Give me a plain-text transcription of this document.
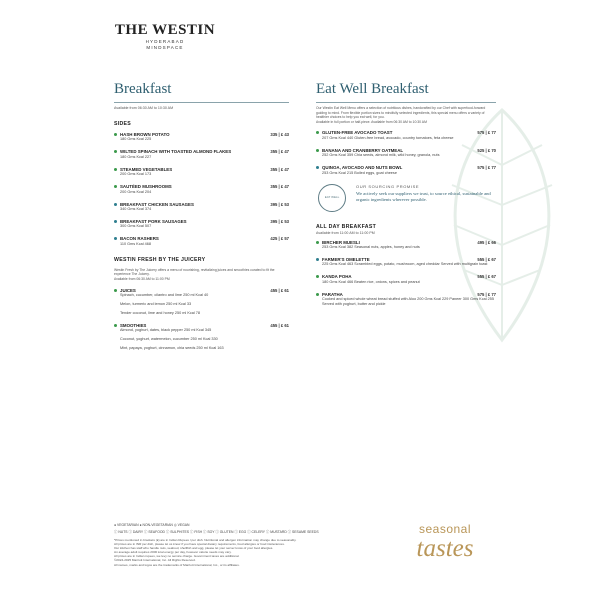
THE WESTIN
HYDERABAD
MINDSPACE
Breakfast
Available from 06:30 AM to 10:30 AM
SIDES
HASH BROWN POTATO	335 | £ 43
180 Gms Kcal 225
WILTED SPINACH WITH TOASTED ALMOND FLAKES	355 | £ 47
180 Gms Kcal 227
STEAMED VEGETABLES	355 | £ 47
200 Gms Kcal 173
SAUTÉED MUSHROOMS	355 | £ 47
200 Gms Kcal 204
BREAKFAST CHICKEN SAUSAGES	395 | £ 53
340 Gms Kcal 374
BREAKFAST PORK SAUSAGES	395 | £ 53
300 Gms Kcal 507
BACON RASHERS	425 | £ 57
110 Gms Kcal 468
WESTIN FRESH BY THE JUICERY
Westin Fresh by The Juicery offers a menu of nourishing, revitalizing juices and smoothies curated to fit the experience The Juicery.
Available from 06:30 AM to 11:00 PM
JUICES	455 | £ 61
Spinach, cucumber, cilantro and lime 250 ml Kcal 40
Melon, turmeric and lemon 250 ml Kcal 33
Tender coconut, lime and honey 250 ml Kcal 78
SMOOTHIES	455 | £ 61
Almond, yoghurt, dates, black pepper 250 ml Kcal 345
Coconut, yoghurt, watermelon, cucumber 250 ml Kcal 330
Mint, papaya, yoghurt, cinnamon, chia seeds 250 ml Kcal 163
Eat Well Breakfast
Our Westin Eat Well Menu offers a selection of nutritious dishes, handcrafted by our Chef with superfood-forward guiding to mind. From flexible portion sizes to mindfully selected ingredients, this special menu offers a variety of healthier choices to help you eat well, for you.
Available in full portion or half-piece. Available from 06:30 AM to 10:30 AM
GLUTEN-FREE AVOCADO TOAST	575 | £ 77
207 Gms Kcal 440 Gluten-free bread, avocado, country tomatoes, feta cheese
BANANA AND CRANBERRY OATMEAL	525 | £ 70
252 Gms Kcal 359 Chia seeds, almond milk, wild honey, granola, nuts
QUINOA, AVOCADO AND NUTS BOWL	575 | £ 77
253 Gms Kcal 215 Boiled eggs, goat cheese
EAT WELL
OUR SOURCING PROMISE
We actively seek our suppliers we trust, to source ethical, sustainable and organic ingredients wherever possible.
ALL DAY BREAKFAST
Available from 11:00 AM to 11:00 PM
BIRCHER MUESLI	495 | £ 66
253 Gms Kcal 382 Seasonal nuts, apples, honey and nuts
FARMER'S OMELETTE	555 | £ 67
225 Gms Kcal 463 Scrambled eggs, potato, mushroom, aged cheddar Served with multigrain toast
KANDA POHA	555 | £ 67
180 Gms Kcal 466 Beaten rice, onions, spices and peanut
PARATHA	575 | £ 77
Cooked and spiced whole wheat bread stuffed with Aloo 200 Gms Kcal 229 Paneer 300 Gms Kcal 255 Served with yoghurt, butter and pickle
● VEGETARIAN ● NON-VEGETARIAN ◎ VEGAN
ⓘ NUTS ⓘ DAIRY ⓘ SEAFOOD ⓘ SULPHITES ⓘ FISH ⓘ SOY ⓘ GLUTEN ⓘ EGG ⓘ CELERY ⓘ MUSTARD ⓘ SESAME SEEDS
*Prices mentioned in brackets (£) are in Indian Rupees / per dish. Nutritional and allergen information may change due to seasonality.
All prices are in INR per dish, please let us know if you have special dietary requirements, food allergies or food intolerances.
Our kitchen has staff who handle nuts, seafood, shellfish and egg, please let your server know of your food allergies.
An average adult requires 2000 kcal energy per day, however calorie needs may vary.
All prices are in Indian rupees, we levy no service charge. Government taxes are additional.
©2024-2025 Marriott International, Inc. All Rights Reserved.
All names, marks and logos are the trademarks of Marriott International, Inc., or its affiliates.
seasonal
tastes
